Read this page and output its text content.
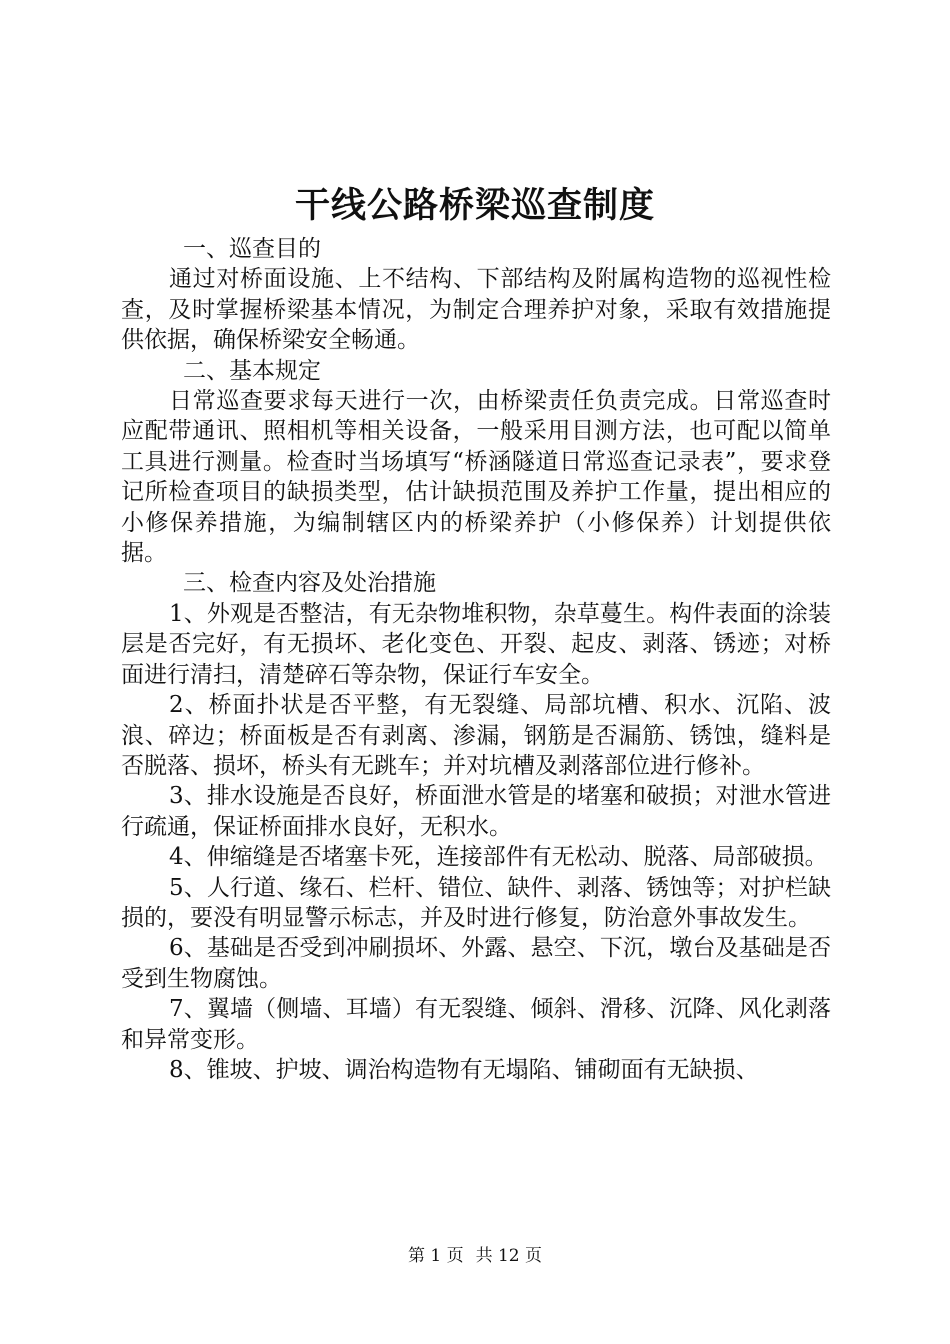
干线公路桥梁巡查制度

一、巡查目的

通过对桥面设施、上不结构、下部结构及附属构造物的巡视性检查，及时掌握桥梁基本情况，为制定合理养护对象，采取有效措施提供依据，确保桥梁安全畅通。

二、基本规定

日常巡查要求每天进行一次，由桥梁责任负责完成。日常巡查时应配带通讯、照相机等相关设备，一般采用目测方法，也可配以简单工具进行测量。检查时当场填写“桥涵隧道日常巡查记录表”，要求登记所检查项目的缺损类型，估计缺损范围及养护工作量，提出相应的小修保养措施，为编制辖区内的桥梁养护（小修保养）计划提供依据。

三、检查内容及处治措施

1、外观是否整洁，有无杂物堆积物，杂草蔓生。构件表面的涂装层是否完好，有无损坏、老化变色、开裂、起皮、剥落、锈迹；对桥面进行清扫，清楚碎石等杂物，保证行车安全。

2、桥面扑状是否平整，有无裂缝、局部坑槽、积水、沉陷、波浪、碎边；桥面板是否有剥离、渗漏，钢筋是否漏筋、锈蚀，缝料是否脱落、损坏，桥头有无跳车；并对坑槽及剥落部位进行修补。

3、排水设施是否良好，桥面泄水管是的堵塞和破损；对泄水管进行疏通，保证桥面排水良好，无积水。

4、伸缩缝是否堵塞卡死，连接部件有无松动、脱落、局部破损。

5、人行道、缘石、栏杆、错位、缺件、剥落、锈蚀等；对护栏缺损的，要没有明显警示标志，并及时进行修复，防治意外事故发生。

6、基础是否受到冲刷损坏、外露、悬空、下沉，墩台及基础是否受到生物腐蚀。

7、翼墙（侧墙、耳墙）有无裂缝、倾斜、滑移、沉降、风化剥落和异常变形。

8、锥坡、护坡、调治构造物有无塌陷、铺砌面有无缺损、

第 1 页 共 12 页
